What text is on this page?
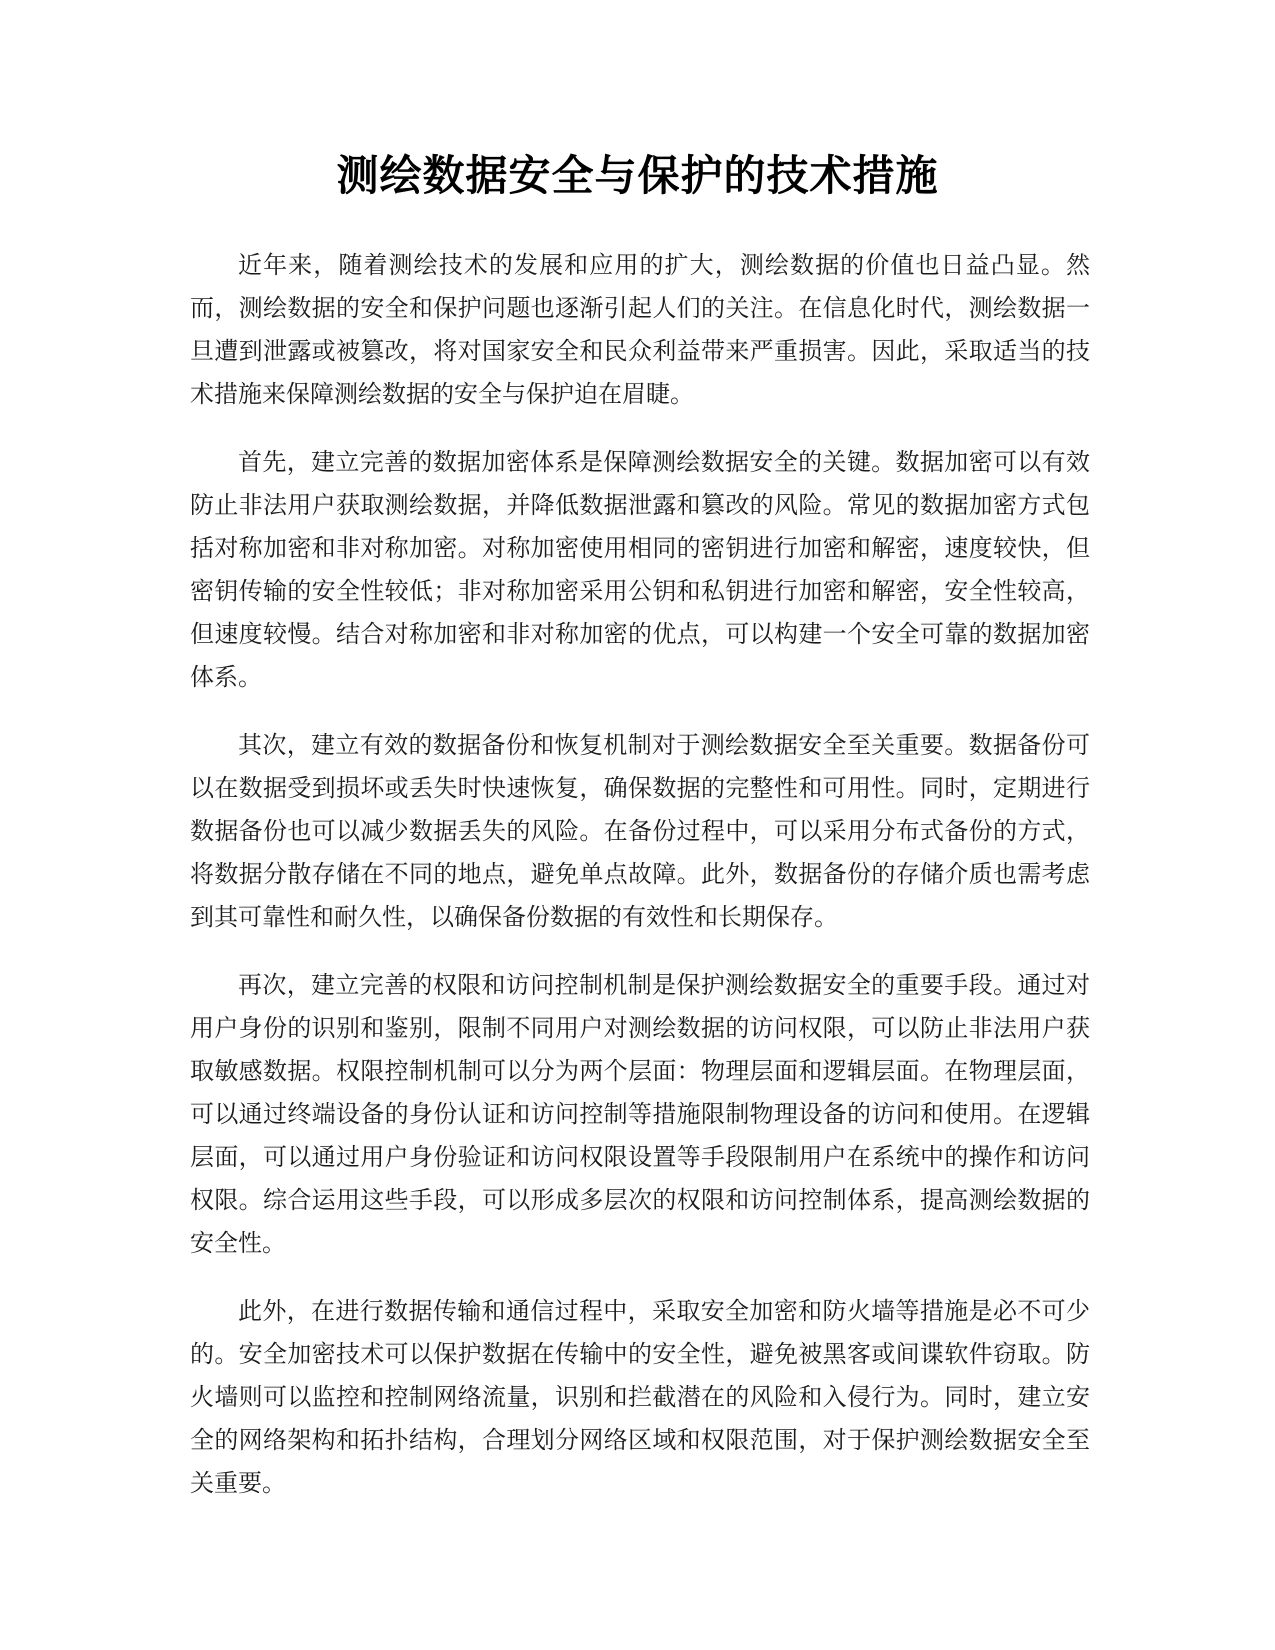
测绘数据安全与保护的技术措施

近年来，随着测绘技术的发展和应用的扩大，测绘数据的价值也日益凸显。然而，测绘数据的安全和保护问题也逐渐引起人们的关注。在信息化时代，测绘数据一旦遭到泄露或被篡改，将对国家安全和民众利益带来严重损害。因此，采取适当的技术措施来保障测绘数据的安全与保护迫在眉睫。

首先，建立完善的数据加密体系是保障测绘数据安全的关键。数据加密可以有效防止非法用户获取测绘数据，并降低数据泄露和篡改的风险。常见的数据加密方式包括对称加密和非对称加密。对称加密使用相同的密钥进行加密和解密，速度较快，但密钥传输的安全性较低；非对称加密采用公钥和私钥进行加密和解密，安全性较高，但速度较慢。结合对称加密和非对称加密的优点，可以构建一个安全可靠的数据加密体系。

其次，建立有效的数据备份和恢复机制对于测绘数据安全至关重要。数据备份可以在数据受到损坏或丢失时快速恢复，确保数据的完整性和可用性。同时，定期进行数据备份也可以减少数据丢失的风险。在备份过程中，可以采用分布式备份的方式，将数据分散存储在不同的地点，避免单点故障。此外，数据备份的存储介质也需考虑到其可靠性和耐久性，以确保备份数据的有效性和长期保存。

再次，建立完善的权限和访问控制机制是保护测绘数据安全的重要手段。通过对用户身份的识别和鉴别，限制不同用户对测绘数据的访问权限，可以防止非法用户获取敏感数据。权限控制机制可以分为两个层面：物理层面和逻辑层面。在物理层面，可以通过终端设备的身份认证和访问控制等措施限制物理设备的访问和使用。在逻辑层面，可以通过用户身份验证和访问权限设置等手段限制用户在系统中的操作和访问权限。综合运用这些手段，可以形成多层次的权限和访问控制体系，提高测绘数据的安全性。

此外，在进行数据传输和通信过程中，采取安全加密和防火墙等措施是必不可少的。安全加密技术可以保护数据在传输中的安全性，避免被黑客或间谍软件窃取。防火墙则可以监控和控制网络流量，识别和拦截潜在的风险和入侵行为。同时，建立安全的网络架构和拓扑结构，合理划分网络区域和权限范围，对于保护测绘数据安全至关重要。
